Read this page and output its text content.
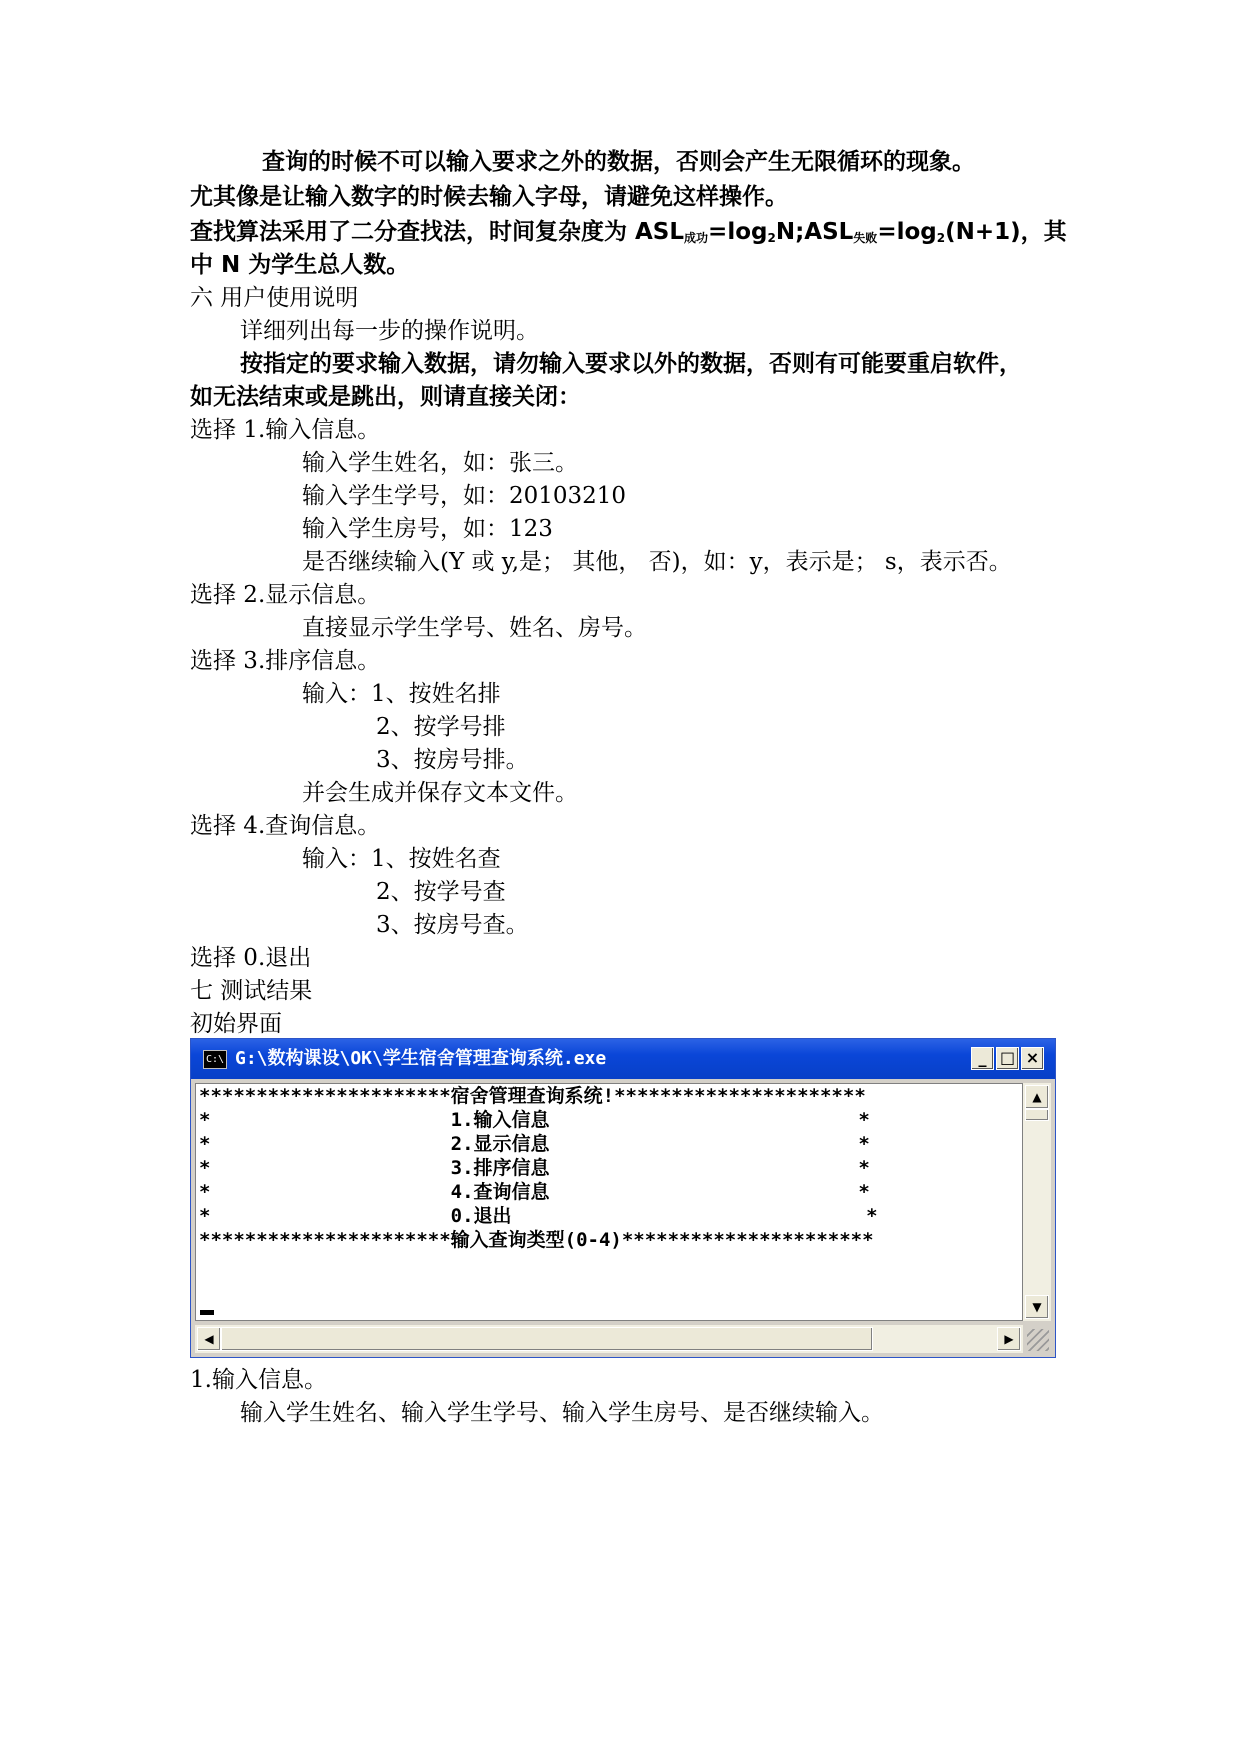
查询的时候不可以输入要求之外的数据，否则会产生无限循环的现象。
尤其像是让输入数字的时候去输入字母，请避免这样操作。
查找算法采用了二分查找法，时间复杂度为 $ASL_{成功}=\log_2N;ASL_{失败}=\log_2(N+1)$，其
中 N 为学生总人数。
六 用户使用说明
详细列出每一步的操作说明。
按指定的要求输入数据，请勿输入要求以外的数据，否则有可能要重启软件，
如无法结束或是跳出，则请直接关闭：
选择 1.输入信息。
输入学生姓名，如：张三。
输入学生学号，如：20103210
输入学生房号，如：123
是否继续输入(Y 或 y,是； 其他， 否)，如：y，表示是； s，表示否。
选择 2.显示信息。
直接显示学生学号、姓名、房号。
选择 3.排序信息。
输入：1、按姓名排
2、按学号排
3、按房号排。
并会生成并保存文本文件。
选择 4.查询信息。
输入：1、按姓名查
2、按学号查
3、按房号查。
选择 0.退出
七 测试结果
初始界面
C:\ G:\数构课设\OK\学生宿舍管理查询系统.exe	_ □ ×
**********************宿舍管理查询系统!**********************
*                     1.输入信息                           *
*                     2.显示信息                           *
*                     3.排序信息                           *
*                     4.查询信息                           *
*                     0.退出                               *
**********************输入查询类型(0-4)**********************
▲
▼
◀	▶
1.输入信息。
输入学生姓名、输入学生学号、输入学生房号、是否继续输入。
